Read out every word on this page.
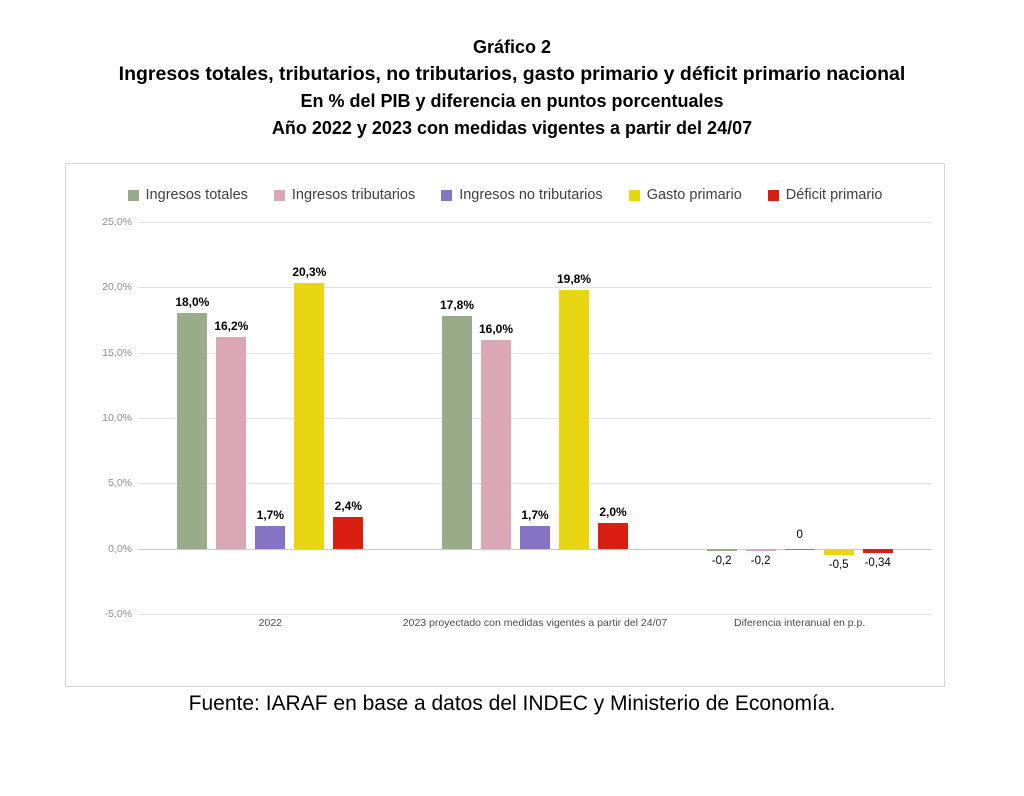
Gráfico 2
Ingresos totales, tributarios, no tributarios, gasto primario y déficit primario nacional
En % del PIB y diferencia en puntos porcentuales
Año 2022 y 2023 con medidas vigentes a partir del 24/07
Ingresos totales	Ingresos tributarios	Ingresos no tributarios	Gasto primario	Déficit primario
-5,0%
0,0%
5,0%
10,0%
15,0%
20,0%
25,0%
18,0%
16,2%
1,7%
20,3%
2,4%
17,8%
16,0%
1,7%
19,8%
2,0%
-0,2 -0,2
0
-0,5 -0,34
2022	2023 proyectado con medidas vigentes a partir del 24/07	Diferencia interanual en p.p.
Fuente: IARAF en base a datos del INDEC y Ministerio de Economía.
